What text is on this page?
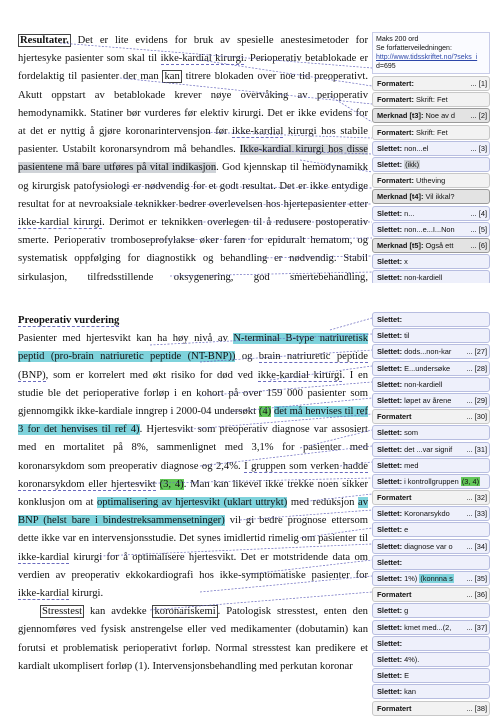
Resultater. Det er lite evidens for bruk av spesielle anestesimetoder for hjertesyke pasienter som skal til ikke-kardial kirurgi. Perioperativ betablokade er fordelaktig til pasienter der man kan titrere blokaden over noe tid preoperativt. Akutt oppstart av betablokade krever nøye overvåking av perioperativ hemodynamikk. Statiner bør vurderes før elektiv kirurgi. Det er ikke evidens for at det er nyttig å gjøre koronarintervensjon før ikke-kardial kirurgi hos stabile pasienter. Ustabilt koronarsyndrom må behandles. Ikke-kardial kirurgi hos disse pasientene må bare utføres på vital indikasjon. God kjennskap til hemodynamikk og kirurgisk patofysiologi er nødvendig for et godt resultat. Det er ikke entydige resultat for at nevroaksiale teknikker bedrer overlevelsen hos hjertepasienter etter ikke-kardial kirurgi. Derimot er teknikken overlegen til å redusere postoperativ smerte. Perioperativ tromboseprofylakse øker faren for epiduralt hematom, og systematisk oppfølging for diagnostikk og behandling er nødvendig. Stabil sirkulasjon, tilfredsstillende oksygenering, god smertebehandling,

Maks 200 ord
Se forfatterveiledningen:
http://www.tidsskriftet.no/?seks_i
d=695
Formatert:	... [1]
Formatert: Skrift: Fet
Merknad [t3]: Noe av d ... [2]
Formatert: Skrift: Fet
Slettet: non...el	... [3]
Slettet: (ikk)
Formatert: Utheving
Merknad [t4]: Vil ikkal?
Slettet: n...	... [4]
Slettet: non...e...I...Non ... [5]
Merknad [t5]: Også ett ... [6]
Slettet: x
Slettet: non-kardiell

Preoperativ vurdering

Pasienter med hjertesvikt kan ha høy nivå av N-terminal B-type natriuretisk peptid (pro-brain natriuretic peptide (NT-BNP)) og brain natriuretic peptide (BNP), som er korrelert med økt risiko for død ved ikke-kardial kirurgi. I en studie ble det perioperative forløp i en kohort på over 159 000 pasienter som gjennomgikk ikke-kardiale inngrep i 2000-04 undersøkt (4) det må henvises til ref 3 for det henvises til ref 4). Hjertesvikt som preoperativ diagnose var assosiert med en mortalitet på 8%, sammenlignet med 3,1% for pasienter med koronarsykdom som preoperativ diagnose og 2,4%. I gruppen som verken hadde koronarsykdom eller hjertesvikt (3, 4). Man kan likevel ikke trekke noen sikker konklusjon om at optimalisering av hjertesvikt (uklart uttrykt) med reduksjon av BNP (helst bare i bindestreksammensetninger) vil gi bedre prognose ettersom dette ikke var en intervensjonsstudie. Det synes imidlertid rimelig om pasienter til ikke-kardial kirurgi for å optimalisere hjertesvikt. Det er motstridende data om verdien av preoperativ ekkokardiografi hos ikke-symptomatiske pasienter for ikke-kardial kirurgi.

Stresstest kan avdekke koronariskemi . Patologisk stresstest, enten den gjennomføres ved fysisk anstrengelse eller ved medikamenter (dobutamin) kan forutsi et problematisk perioperativt forløp. Normal stresstest kan predikere et kardialt ukomplisert forløp (1). Intervensjonsbehandling med perkutan koronar

Slettet:
Slettet: til
Slettet: dods...non-kar ... [27]
Slettet: E...undersøke ... [28]
Slettet: non-kardiell
Slettet: løpet av årene ... [29]
Formatert	... [30]
Slettet: som
Slettet: det ...var signif ... [31]
Slettet: med
Slettet: i kontrollgruppen (3, 4)
Formatert	... [32]
Slettet: Koronarsykdo ... [33]
Slettet: e
Slettet: diagnose var o ... [34]
Slettet:
Slettet: 1%) (konnna s ... [35]
Formatert	... [36]
Slettet: g
Slettet: kmet med...(2, ... [37]
Slettet:
Slettet: 4%).
Slettet: E
Slettet: kan
Formatert	... [38]
